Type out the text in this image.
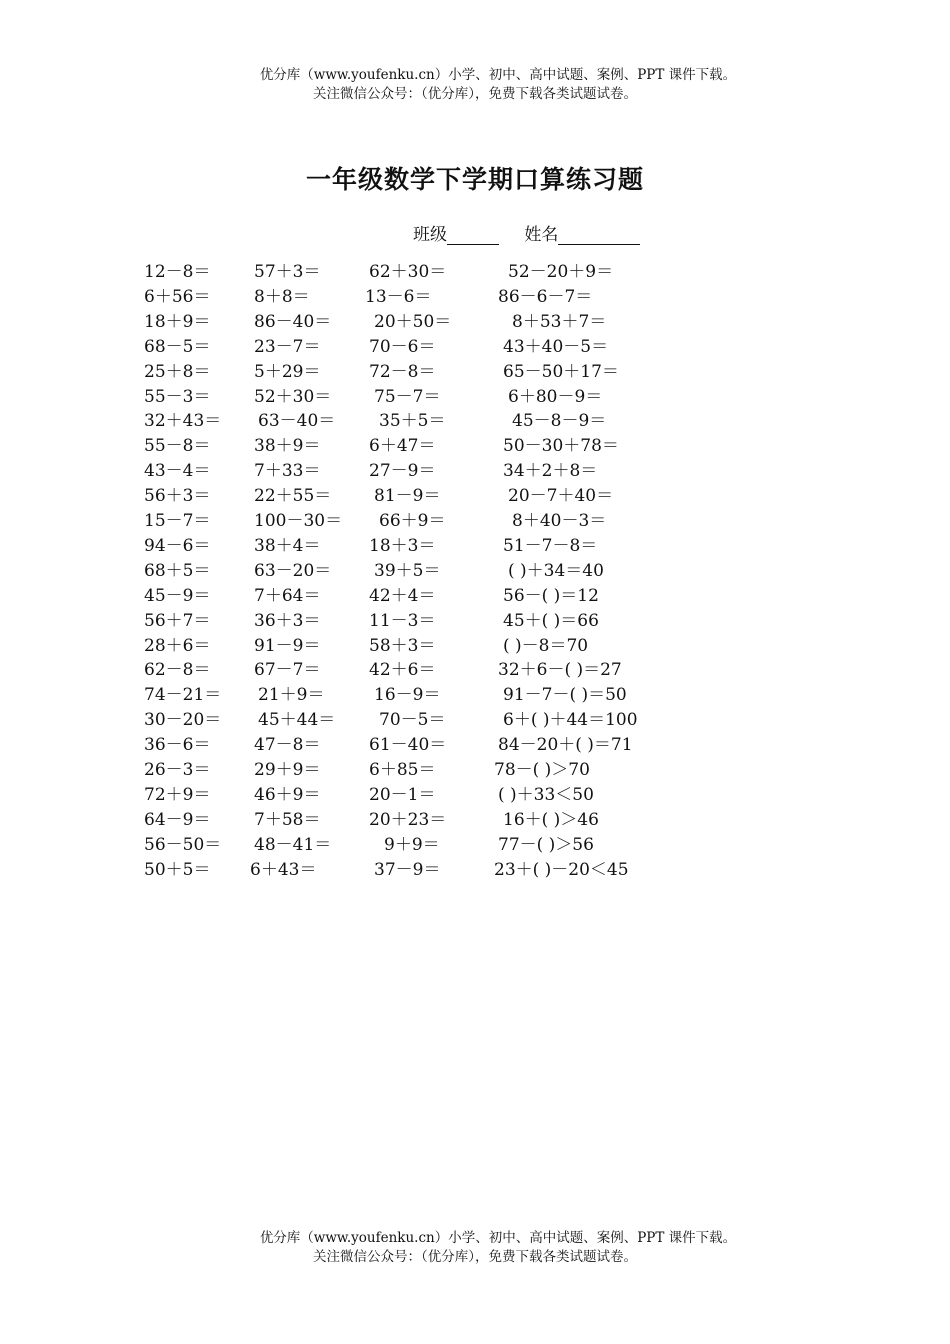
优分库（www.youfenku.cn）小学、初中、高中试题、案例、PPT 课件下载。
关注微信公众号：（优分库），免费下载各类试题试卷。
一年级数学下学期口算练习题
班级	姓名
12－8＝	57＋3＝	62＋30＝	52－20＋9＝
6＋56＝	8＋8＝	13－6＝	86－6－7＝
18＋9＝	86－40＝	20＋50＝	8＋53＋7＝
68－5＝	23－7＝	70－6＝	43＋40－5＝
25＋8＝	5＋29＝	72－8＝	65－50＋17＝
55－3＝	52＋30＝	75－7＝	6＋80－9＝
32＋43＝ 63－40＝	35＋5＝	45－8－9＝
55－8＝	38＋9＝	6＋47＝	50－30＋78＝
43－4＝	7＋33＝	27－9＝	34＋2＋8＝
56＋3＝	22＋55＝	81－9＝	20－7＋40＝
15－7＝	100－30＝ 66＋9＝	8＋40－3＝
94－6＝	38＋4＝	18＋3＝	51－7－8＝
68＋5＝	63－20＝	39＋5＝	( )＋34＝40
45－9＝	7＋64＝	42＋4＝	56－( )＝12
56＋7＝	36＋3＝	11－3＝	45＋( )＝66
28＋6＝	91－9＝	58＋3＝	( )－8＝70
62－8＝	67－7＝	42＋6＝	32＋6－( )＝27
74－21＝ 21＋9＝	16－9＝	91－7－( )＝50
30－20＝ 45＋44＝	70－5＝	6＋( )＋44＝100
36－6＝	47－8＝	61－40＝	84－20＋( )＝71
26－3＝	29＋9＝	6＋85＝	78－( )＞70
72＋9＝	46＋9＝	20－1＝	( )＋33＜50
64－9＝	7＋58＝	20＋23＝	16＋( )＞46
56－50＝ 48－41＝	9＋9＝	77－( )＞56
50＋5＝ 6＋43＝	37－9＝	23＋( )－20＜45
优分库（www.youfenku.cn）小学、初中、高中试题、案例、PPT 课件下载。
关注微信公众号：（优分库），免费下载各类试题试卷。
